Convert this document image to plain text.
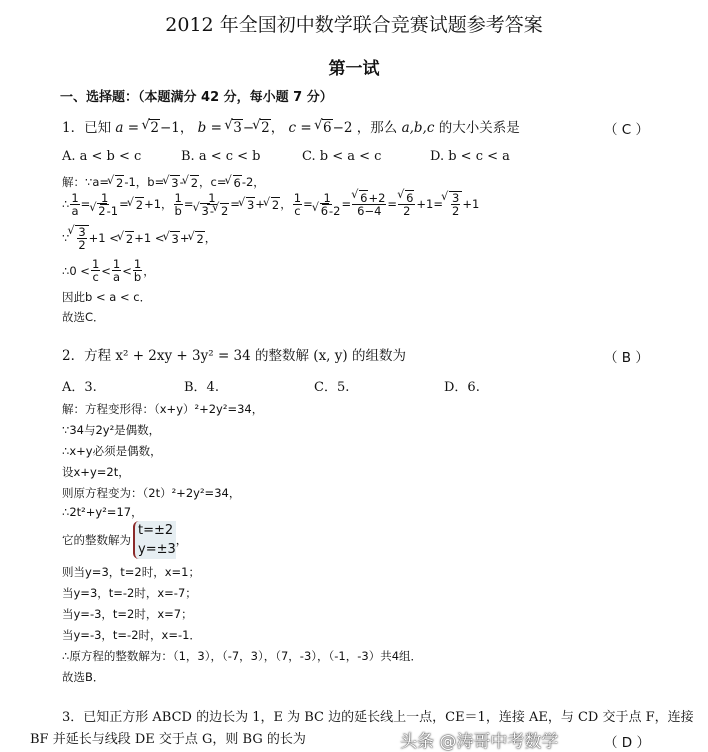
2012 年全国初中数学联合竞赛试题参考答案
第一试
一、选择题：（本题满分 42 分，每小题 7 分）
1．已知 a = √ 2−1， b = √ 3− √ 2， c = √ 6−2 ，那么 a,b,c 的大小关系是	（ C ）
A. a < b < c	B. a < c < b	C. b < a < c	D. b < c < a
解：∵a= √ 2 -1，b= √ 3 - √ 2 ，c= √ 6 -2，
∴ $\frac{1}{a} = 1$
√ 2-1 = √ 2 +1， $\frac{1}{b} = 1$
√ 3- √ 2 = √ 3 + √ 2 ， $\frac{1}{c} = 1$
√ 6-2 = √ $\frac{6+2}{6-4}$ = √ $\frac{6}{2} +1=$ √ $\frac{3}{2} +1$
∵ √ $\frac{3}{2} +1$ < √ 2 +1 < √ 3 + √ 2 ，
∴0 < 1
c < 1
a < 1
b ，
因此b < a < c．
故选C．
2．方程 x² + 2xy + 3y² = 34 的整数解 (x, y) 的组数为	（ B ）
A．3.	B．4.	C．5.	D．6.
解：方程变形得：（x+y）²+2y²=34，
∵34与2y²是偶数，
∴x+y必须是偶数，
设x+y=2t，
则原方程变为：（2t）²+2y²=34，
∴2t²+y²=17，
它的整数解为
t=±2
y=±3
，
则当y=3，t=2时，x=1；
当y=3，t=-2时，x=-7；
当y=-3，t=2时，x=7；
当y=-3，t=-2时，x=-1．
∴原方程的整数解为：（1，3），（-7，3），（7，-3），（-1，-3）共4组．
故选B．
3．已知正方形 ABCD 的边长为 1，E 为 BC 边的延长线上一点，CE＝1，连接 AE，与 CD 交于点 F，连接
BF 并延长与线段 DE 交于点 G，则 BG 的长为	（ D ）
头条 @涛哥中考数学
